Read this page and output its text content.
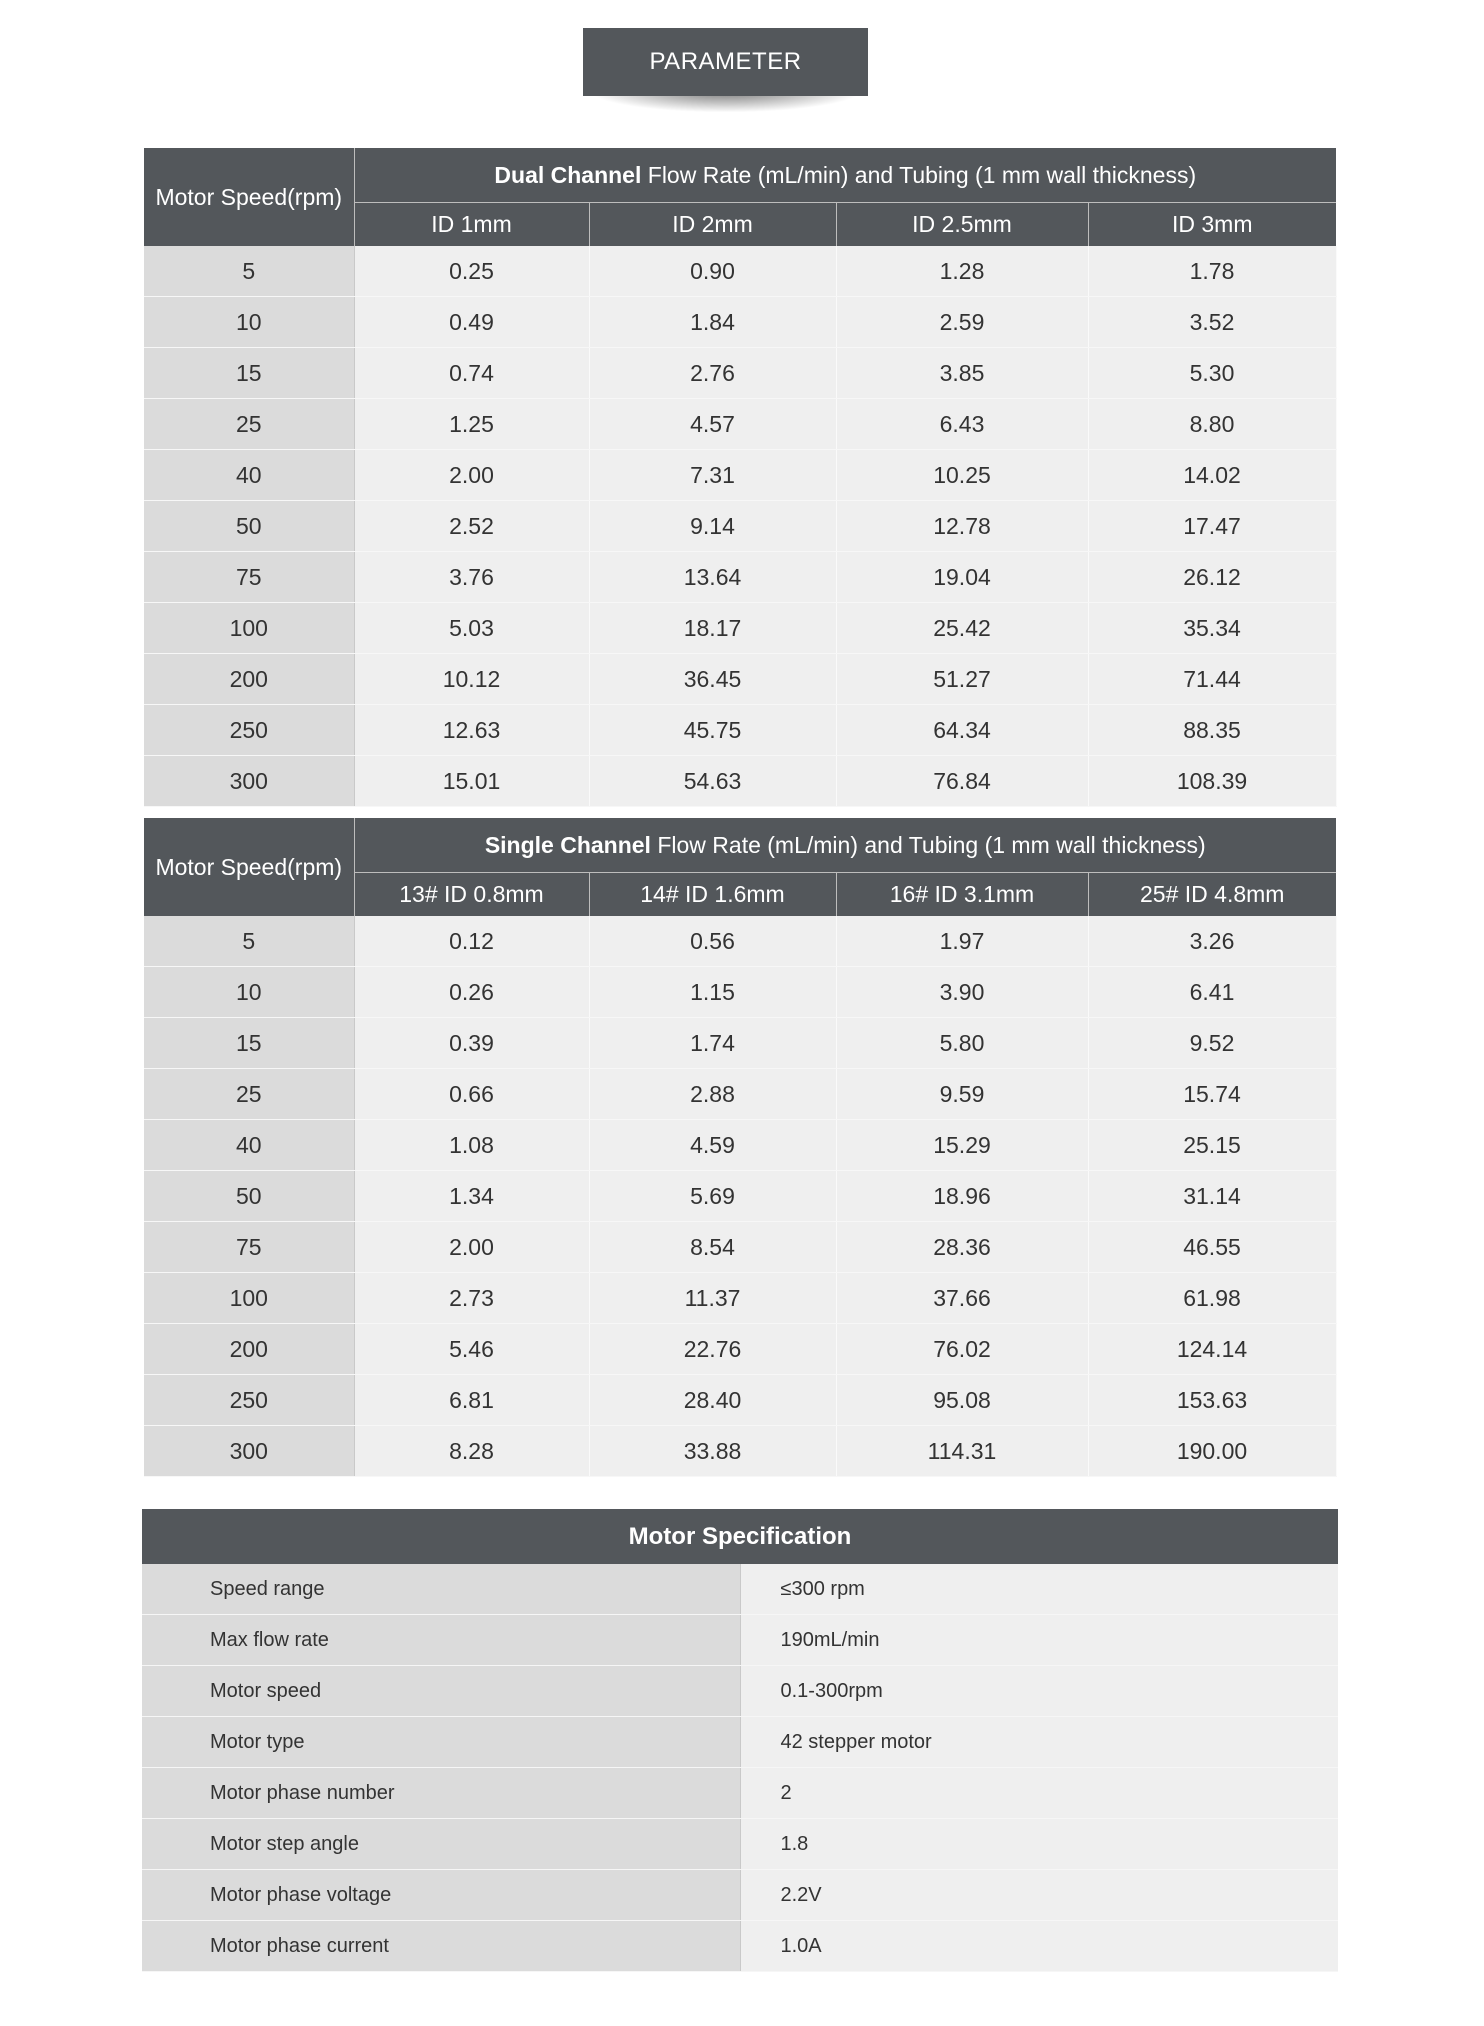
PARAMETER
Motor Speed(rpm)	Dual Channel Flow Rate (mL/min) and Tubing (1 mm wall thickness)			
	ID 1mm	ID 2mm	ID 2.5mm	ID 3mm
5	0.25	0.90	1.28	1.78
10	0.49	1.84	2.59	3.52
15	0.74	2.76	3.85	5.30
25	1.25	4.57	6.43	8.80
40	2.00	7.31	10.25	14.02
50	2.52	9.14	12.78	17.47
75	3.76	13.64	19.04	26.12
100	5.03	18.17	25.42	35.34
200	10.12	36.45	51.27	71.44
250	12.63	45.75	64.34	88.35
300	15.01	54.63	76.84	108.39
Motor Speed(rpm)	Single Channel Flow Rate (mL/min) and Tubing (1 mm wall thickness)			
	13# ID 0.8mm	14# ID 1.6mm	16# ID 3.1mm	25# ID 4.8mm
5	0.12	0.56	1.97	3.26
10	0.26	1.15	3.90	6.41
15	0.39	1.74	5.80	9.52
25	0.66	2.88	9.59	15.74
40	1.08	4.59	15.29	25.15
50	1.34	5.69	18.96	31.14
75	2.00	8.54	28.36	46.55
100	2.73	11.37	37.66	61.98
200	5.46	22.76	76.02	124.14
250	6.81	28.40	95.08	153.63
300	8.28	33.88	114.31	190.00
Motor Specification	
Speed range	≤300 rpm
Max flow rate	190mL/min
Motor speed	0.1-300rpm
Motor type	42 stepper motor
Motor phase number	2
Motor step angle	1.8
Motor phase voltage	2.2V
Motor phase current	1.0A
